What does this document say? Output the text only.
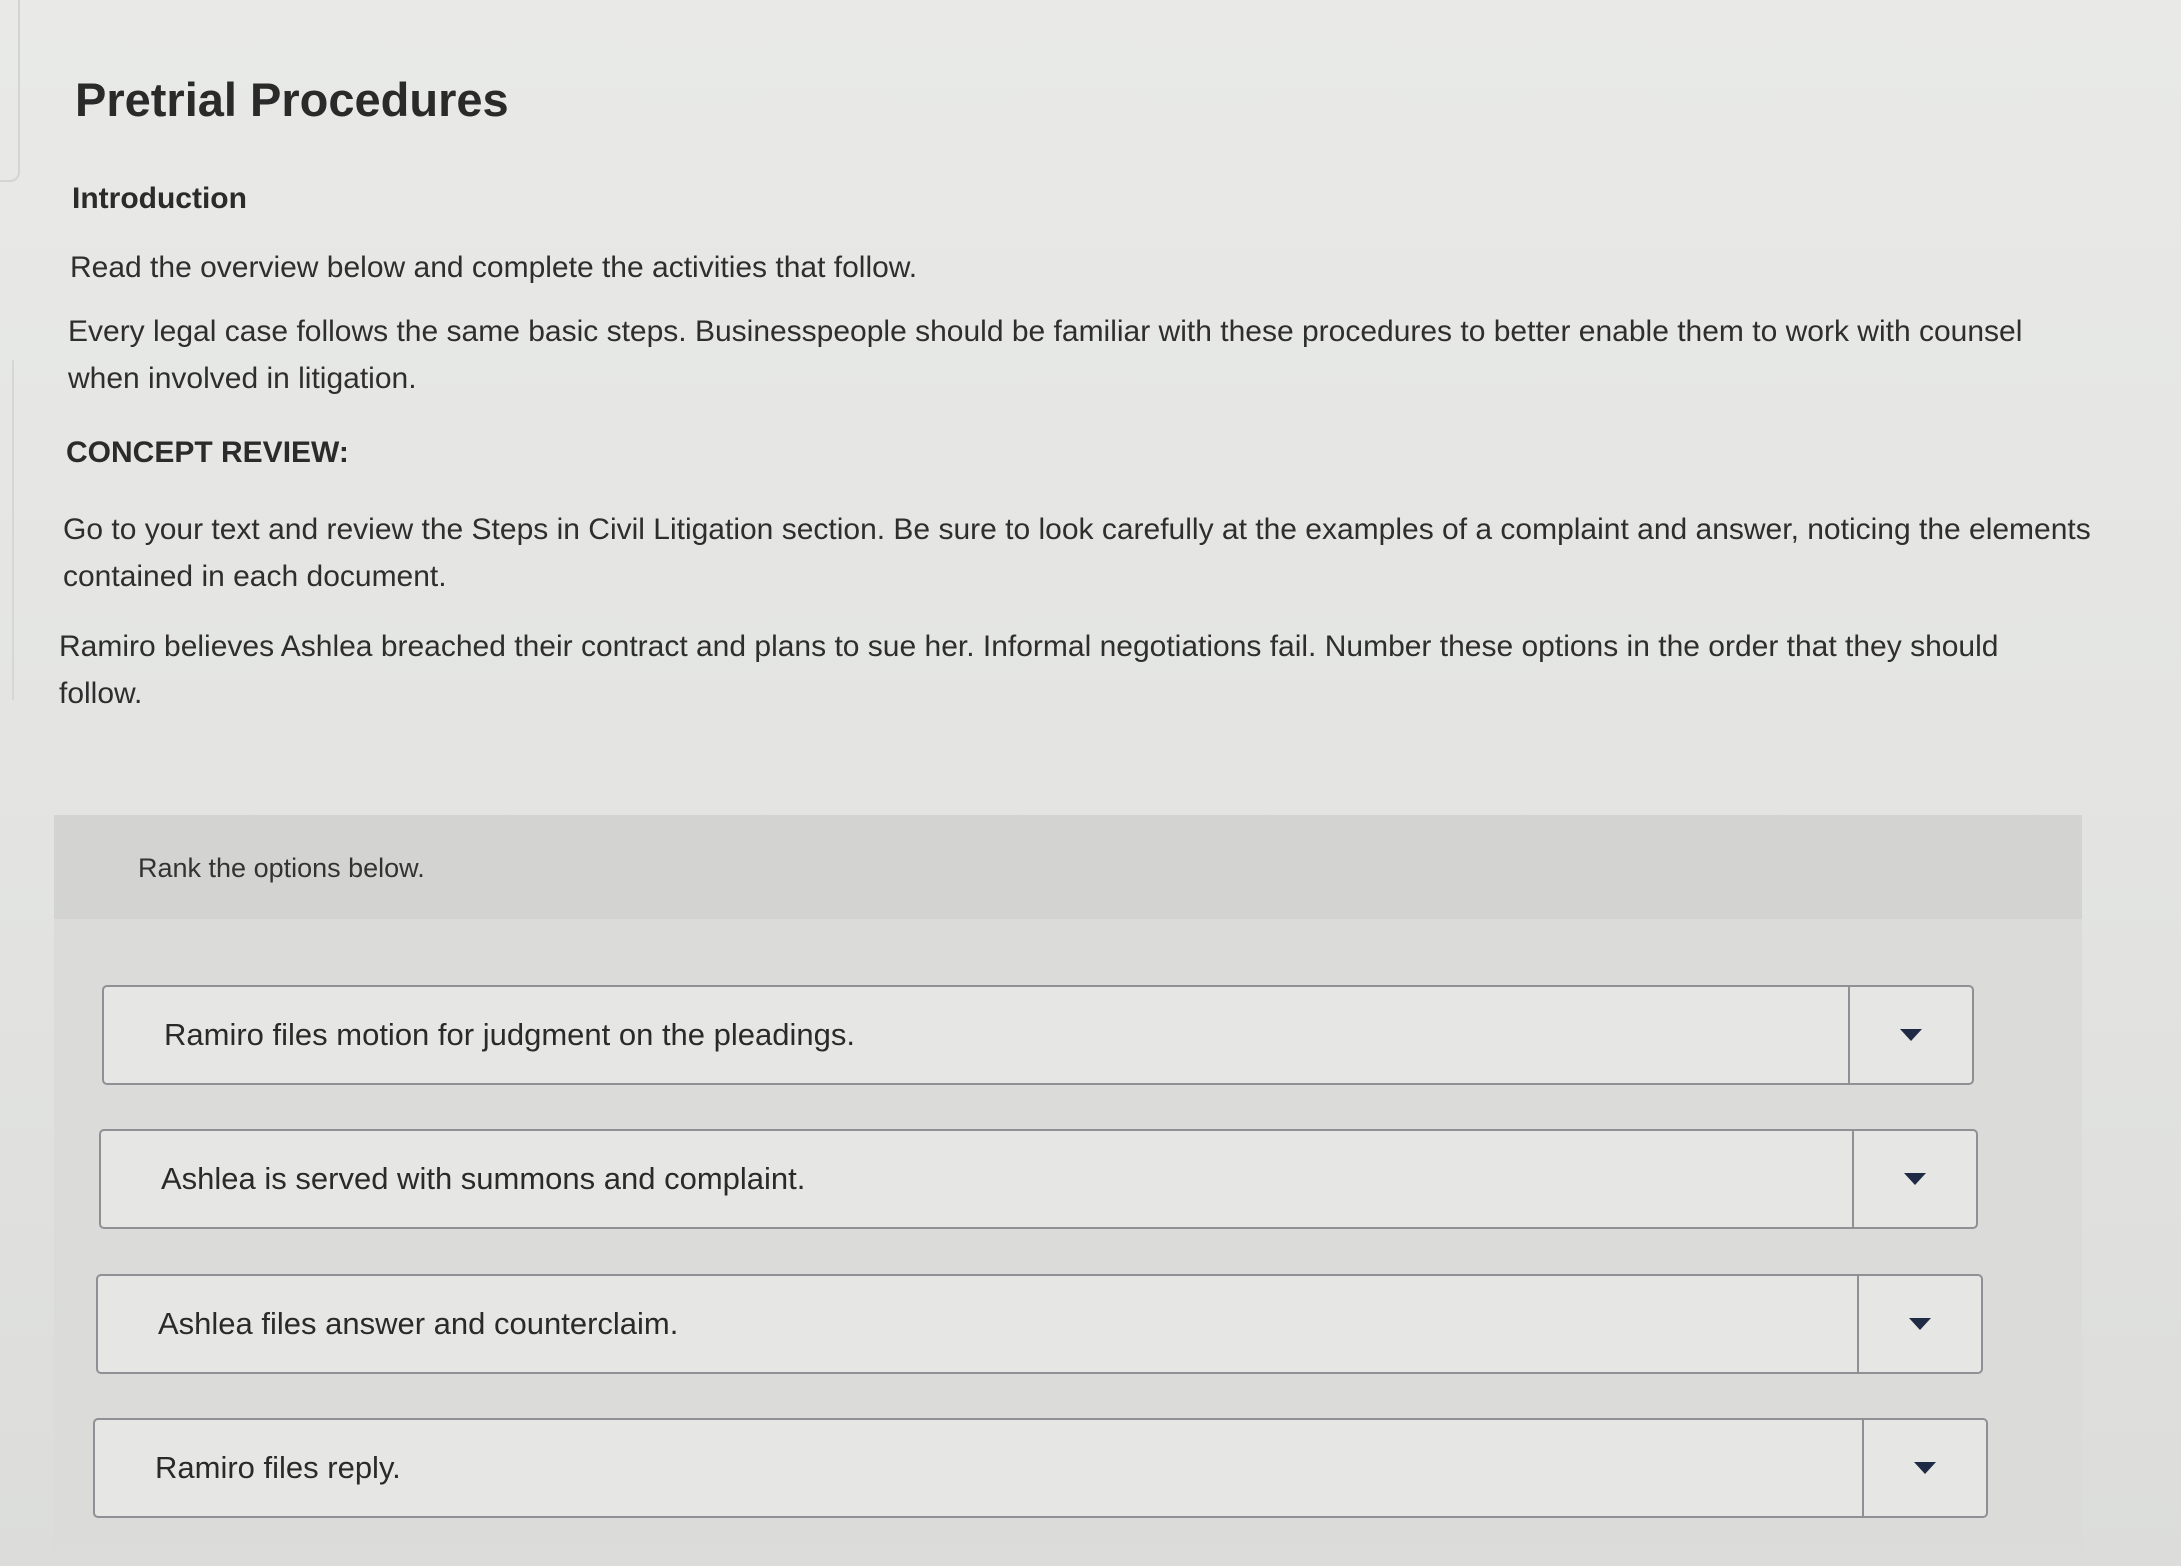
Pretrial Procedures
Introduction

Read the overview below and complete the activities that follow.

Every legal case follows the same basic steps. Businesspeople should be familiar with these procedures to better enable them to work with counsel when involved in litigation.

CONCEPT REVIEW:

Go to your text and review the Steps in Civil Litigation section. Be sure to look carefully at the examples of a complaint and answer, noticing the elements contained in each document.

Ramiro believes Ashlea breached their contract and plans to sue her. Informal negotiations fail. Number these options in the order that they should follow.

Rank the options below.
Ramiro files motion for judgment on the pleadings.
Ashlea is served with summons and complaint.
Ashlea files answer and counterclaim.
Ramiro files reply.
